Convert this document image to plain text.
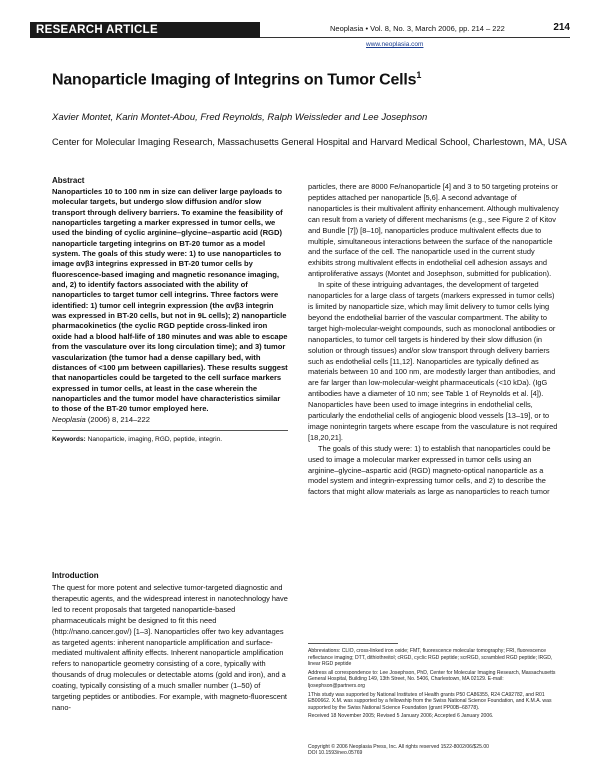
RESEARCH ARTICLE	Neoplasia • Vol. 8, No. 3, March 2006, pp. 214 – 222	214
www.neoplasia.com
Nanoparticle Imaging of Integrins on Tumor Cells$^1$
Xavier Montet, Karin Montet-Abou, Fred Reynolds, Ralph Weissleder and Lee Josephson
Center for Molecular Imaging Research, Massachusetts General Hospital and Harvard Medical School, Charlestown, MA, USA
Abstract
Nanoparticles 10 to 100 nm in size can deliver large payloads to molecular targets, but undergo slow diffusion and/or slow transport through delivery barriers. To examine the feasibility of nanoparticles targeting a marker expressed in tumor cells, we used the binding of cyclic arginine–glycine–aspartic acid (RGD) nanoparticle targeting integrins on BT-20 tumor as a model system. The goals of this study were: 1) to use nanoparticles to image αvβ3 integrins expressed in BT-20 tumor cells by fluorescence-based imaging and magnetic resonance imaging, and, 2) to identify factors associated with the ability of nanoparticles to target tumor cell integrins. Three factors were identified: 1) tumor cell integrin expression (the αvβ3 integrin was expressed in BT-20 cells, but not in 9L cells); 2) nanoparticle pharmacokinetics (the cyclic RGD peptide cross-linked iron oxide had a blood half-life of 180 minutes and was able to escape from the vasculature over its long circulation time); and 3) tumor vascularization (the tumor had a dense capillary bed, with distances of <100 μm between capillaries). These results suggest that nanoparticles could be targeted to the cell surface markers expressed in tumor cells, at least in the case wherein the nanoparticles and the tumor model have characteristics similar to those of the BT-20 tumor employed here.
Neoplasia (2006) 8, 214–222
Keywords: Nanoparticle, imaging, RGD, peptide, integrin.
Introduction
The quest for more potent and selective tumor-targeted diagnostic and therapeutic agents, and the widespread interest in nanotechnology have led to recent proposals that targeted nanoparticle-based pharmaceuticals might be designed to fit this need (http://nano.cancer.gov/) [1–3]. Nanoparticles offer two key advantages as targeted agents: inherent nanoparticle amplification and surface-mediated multivalent affinity effects. Inherent nanoparticle amplification refers to nanoparticle geometry consisting of a core, typically with thousands of drug molecules or detectable atoms (gold and iron), and a coating, typically consisting of a much smaller number (1–50) of targeting peptides or antibodies. For example, with magneto-fluorescent nano-

particles, there are 8000 Fe/nanoparticle [4] and 3 to 50 targeting proteins or peptides attached per nanoparticle [5,6]. A second advantage of nanoparticles is their multivalent affinity enhancement. Although multivalency can result from a variety of different mechanisms (e.g., see Figure 2 of Kitov and Bundle [7]) [8–10], nanoparticles produce multivalent effects due to multiple, simultaneous interactions between the surface of the nanoparticle and the surface of the cell. The nanoparticle used in the current study exhibits strong multivalent effects in endothelial cell adhesion assays and antiproliferative assays (Montet and Josephson, submitted for publication).

In spite of these intriguing advantages, the development of targeted nanoparticles for a large class of targets (markers expressed in tumor cells) is limited by nanoparticle size, which may limit delivery to tumor cells lying beyond the endothelial barrier of the vascular compartment. The ability to target high-molecular-weight compounds, such as monoclonal antibodies or nanoparticles, to tumor cell targets is hindered by their slow diffusion (in solution or through tissues) and/or slow transport through delivery barriers such as endothelial cells [11,12]. Nanoparticles are typically defined as materials between 10 and 100 nm, are modestly larger than antibodies, and are far larger than low-molecular-weight pharmaceuticals (<10 kDa). (IgG antibodies have a diameter of 10 nm; see Table 1 of Reynolds et al. [4]). Nanoparticles have been used to image integrins in endothelial cells, particularly the endothelial cells of angiogenic blood vessels [13–19], or to image nonintegrin targets where escape from the vasculature is not required [18,20,21].

The goals of this study were: 1) to establish that nanoparticles could be used to image a molecular marker expressed in tumor cells using an arginine–glycine–aspartic acid (RGD) magneto-optical nanoparticle as a model system and integrin-expressing tumor cells, and 2) to describe the factors that might allow materials as large as nanoparticles to reach tumor

Abbreviations: CLIO, cross-linked iron oxide; FMT, fluorescence molecular tomography; FRI, fluorescence reflectance imaging; DTT, dithiothreitol; cRGD, cyclic RGD peptide; scrRGD, scrambled RGD peptide; lRGD, linear RGD peptide

Address all correspondence to: Lee Josephson, PhD, Center for Molecular Imaging Research, Massachusetts General Hospital, Building 149, 13th Street, No. 5406, Charlestown, MA 02129. E-mail: ljosephson@partners.org

1This study was supported by National Institutes of Health grants P50 CA86355, R24 CA92782, and R01 EB00662. X.M. was supported by a fellowship from the Swiss National Science Foundation, and K.M.A. was supported by the Swiss National Science Foundation (grant PP00B–68778).

Received 18 November 2005; Revised 5 January 2006; Accepted 6 January 2006.

Copyright © 2006 Neoplasia Press, Inc. All rights reserved 1522-8002/06/$25.00
DOI 10.1593/neo.05769
